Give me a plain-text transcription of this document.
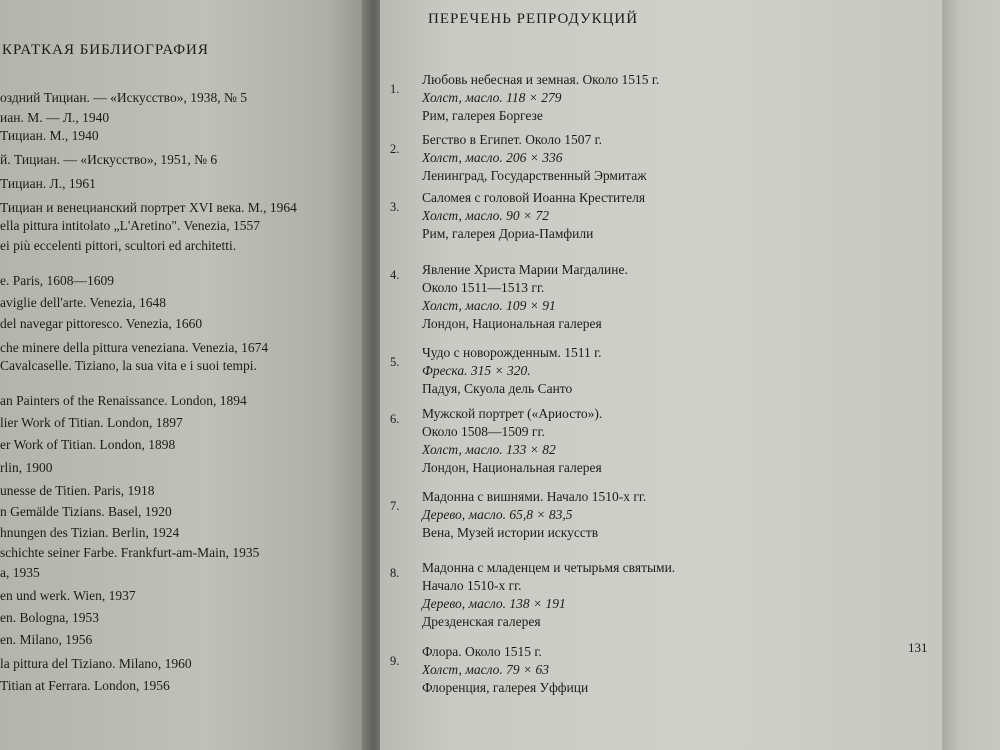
КРАТКАЯ БИБЛИОГРАФИЯ
оздний Тициан. — «Искусство», 1938, № 5
иан. М. — Л., 1940
Тициан. М., 1940
й. Тициан. — «Искусство», 1951, № 6
Тициан. Л., 1961
Тициан и венецианский портрет XVI века. М., 1964
ella pittura intitolato „L'Aretino". Venezia, 1557
ei più eccelenti pittori, scultori ed architetti.
e. Paris, 1608—1609
aviglie dell'arte. Venezia, 1648
del navegar pittoresco. Venezia, 1660
che minere della pittura veneziana. Venezia, 1674
Cavalcaselle. Tiziano, la sua vita e i suoi tempi.
an Painters of the Renaissance. London, 1894
lier Work of Titian. London, 1897
er Work of Titian. London, 1898
rlin, 1900
unesse de Titien. Paris, 1918
n Gemälde Tizians. Basel, 1920
hnungen des Tizian. Berlin, 1924
schichte seiner Farbe. Frankfurt-am-Main, 1935
a, 1935
en und werk. Wien, 1937
en. Bologna, 1953
en. Milano, 1956
la pittura del Tiziano. Milano, 1960
Titian at Ferrara. London, 1956
ПЕРЕЧЕНЬ РЕПРОДУКЦИЙ
1.
Любовь небесная и земная. Около 1515 г.
Холст, масло. 118 × 279
Рим, галерея Боргезе
2.
Бегство в Египет. Около 1507 г.
Холст, масло. 206 × 336
Ленинград, Государственный Эрмитаж
3.
Саломея с головой Иоанна Крестителя
Холст, масло. 90 × 72
Рим, галерея Дориа-Памфили
4. Явление Христа Марии Магдалине.
Около 1511—1513 гг.
Холст, масло. 109 × 91
Лондон, Национальная галерея
5.
Чудо с новорожденным. 1511 г.
Фреска. 315 × 320.
Падуя, Скуола дель Санто
6. Мужской портрет («Ариосто»).
Около 1508—1509 гг.
Холст, масло. 133 × 82
Лондон, Национальная галерея
7.
Мадонна с вишнями. Начало 1510-х гг.
Дерево, масло. 65,8 × 83,5
Вена, Музей истории искусств
8. Мадонна с младенцем и четырьмя святыми.
Начало 1510-х гг.
Дерево, масло. 138 × 191
Дрезденская галерея
9.
Флора. Около 1515 г.
Холст, масло. 79 × 63
Флоренция, галерея Уффици
131
